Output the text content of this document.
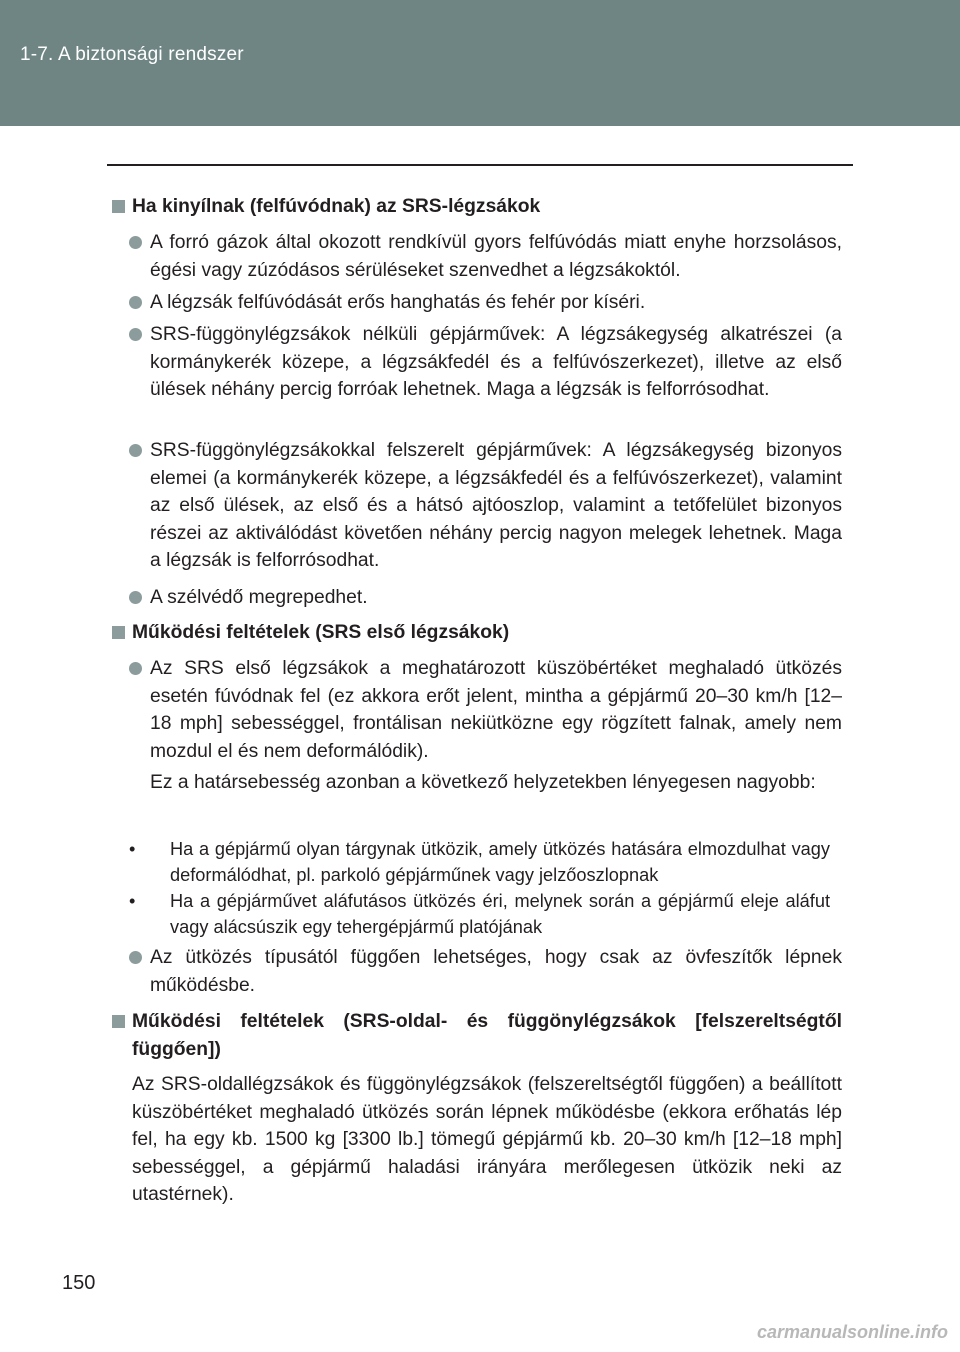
1-7. A biztonsági rendszer
Ha kinyílnak (felfúvódnak) az SRS-légzsákok
A forró gázok által okozott rendkívül gyors felfúvódás miatt enyhe horzsolásos, égési vagy zúzódásos sérüléseket szenvedhet a légzsákoktól.
A légzsák felfúvódását erős hanghatás és fehér por kíséri.
SRS-függönylégzsákok nélküli gépjárművek: A légzsákegység alkatrészei (a kormánykerék közepe, a légzsákfedél és a felfúvószerkezet), illetve az első ülések néhány percig forróak lehetnek. Maga a légzsák is felforrósodhat.
SRS-függönylégzsákokkal felszerelt gépjárművek: A légzsákegység bizonyos elemei (a kormánykerék közepe, a légzsákfedél és a felfúvószerkezet), valamint az első ülések, az első és a hátsó ajtóoszlop, valamint a tetőfelület bizonyos részei az aktiválódást követően néhány percig nagyon melegek lehetnek. Maga a légzsák is felforrósodhat.
A szélvédő megrepedhet.
Működési feltételek (SRS első légzsákok)
Az SRS első légzsákok a meghatározott küszöbértéket meghaladó ütközés esetén fúvódnak fel (ez akkora erőt jelent, mintha a gépjármű 20–30 km/h [12–18 mph] sebességgel, frontálisan nekiütközne egy rögzített falnak, amely nem mozdul el és nem deformálódik).
Ez a határsebesség azonban a következő helyzetekben lényegesen nagyobb:
•	Ha a gépjármű olyan tárgynak ütközik, amely ütközés hatására elmozdulhat vagy deformálódhat, pl. parkoló gépjárműnek vagy jelzőoszlopnak
•	Ha a gépjárművet aláfutásos ütközés éri, melynek során a gépjármű eleje aláfut vagy alácsúszik egy tehergépjármű platójának
Az ütközés típusától függően lehetséges, hogy csak az övfeszítők lépnek működésbe.
Működési feltételek (SRS-oldal- és függönylégzsákok [felszereltségtől függően])
Az SRS-oldallégzsákok és függönylégzsákok (felszereltségtől függően) a beállított küszöbértéket meghaladó ütközés során lépnek működésbe (ekkora erőhatás lép fel, ha egy kb. 1500 kg [3300 lb.] tömegű gépjármű kb. 20–30 km/h [12–18 mph] sebességgel, a gépjármű haladási irányára merőlegesen ütközik neki az utastérnek).
150
carmanualsonline.info
